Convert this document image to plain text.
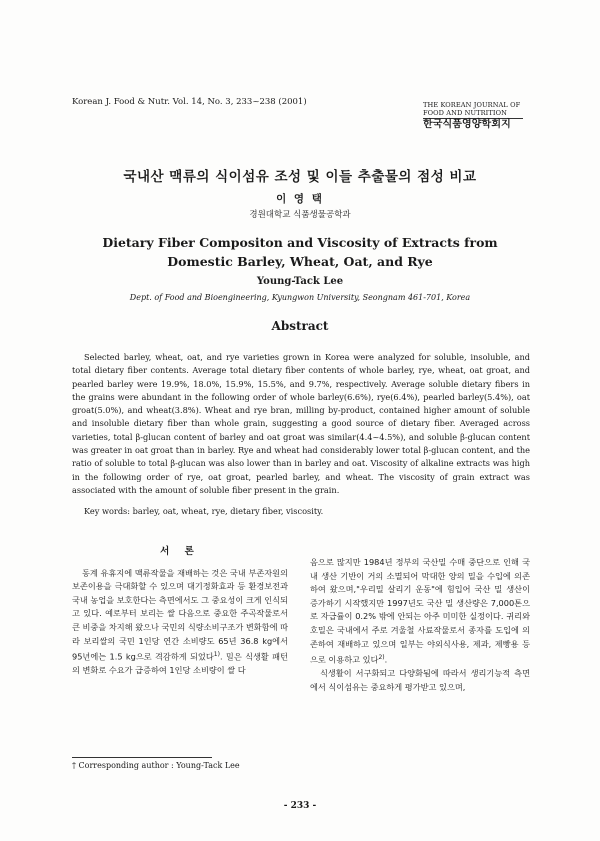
Korean J. Food & Nutr. Vol. 14, No. 3, 233~238 (2001)	THE KOREAN JOURNAL OF
FOOD AND NUTRITION
한국식품영양학회지
국내산 맥류의 식이섬유 조성 및 이들 추출물의 점성 비교
이 영 택
경원대학교 식품생물공학과
Dietary Fiber Compositon and Viscosity of Extracts from
Domestic Barley, Wheat, Oat, and Rye
Young-Tack Lee
Dept. of Food and Bioengineering, Kyungwon University, Seongnam 461-701, Korea
Abstract
Selected barley, wheat, oat, and rye varieties grown in Korea were analyzed for soluble, insoluble, and total dietary fiber contents. Average total dietary fiber contents of whole barley, rye, wheat, oat groat, and pearled barley were 19.9%, 18.0%, 15.9%, 15.5%, and 9.7%, respectively. Average soluble dietary fibers in the grains were abundant in the following order of whole barley(6.6%), rye(6.4%), pearled barley(5.4%), oat groat(5.0%), and wheat(3.8%). Wheat and rye bran, milling by-product, contained higher amount of soluble and insoluble dietary fiber than whole grain, suggesting a good source of dietary fiber. Averaged across varieties, total β-glucan content of barley and oat groat was similar(4.4~4.5%), and soluble β-glucan content was greater in oat groat than in barley. Rye and wheat had considerably lower total β-glucan content, and the ratio of soluble to total β-glucan was also lower than in barley and oat. Viscosity of alkaline extracts was high in the following order of rye, oat groat, pearled barley, and wheat. The viscosity of grain extract was associated with the amount of soluble fiber present in the grain.
Key words: barley, oat, wheat, rye, dietary fiber, viscosity.
서 론

동계 유휴지에 맥류작물을 재배하는 것은 국내 부존자원의 보존이용을 극대화할 수 있으며 대기정화효과 등 환경보전과 국내 농업을 보호한다는 측면에서도 그 중요성이 크게 인식되고 있다. 예로부터 보리는 쌀 다음으로 중요한 주곡작물로서 큰 비중을 차지해 왔으나 국민의 식량소비구조가 변화함에 따라 보리쌀의 국민 1인당 연간 소비량도 65년 36.8 kg에서 95년에는 1.5 kg으로 격감하게 되었다$^{1)}$. 밀은 식생활 패턴의 변화로 수요가 급증하여 1인당 소비량이 쌀 다

음으로 많지만 1984년 정부의 국산밀 수매 중단으로 인해 국내 생산 기반이 거의 소멸되어 막대한 양의 밀을 수입에 의존하여 왔으며,"우리밀 살리기 운동"에 힘입어 국산 밀 생산이 증가하기 시작했지만 1997년도 국산 밀 생산량은 7,000톤으로 자급률이 0.2% 밖에 안되는 아주 미미한 실정이다. 귀리와 호밀은 국내에서 주로 겨울철 사료작물로서 종자를 도입에 의존하여 재배하고 있으며 일부는 야외식사용, 제과, 제빵용 등으로 이용하고 있다$^{2)}$.

식생활이 서구화되고 다양화됨에 따라서 생리기능적 측면에서 식이섬유는 중요하게 평가받고 있으며,

† Corresponding author : Young-Tack Lee
- 233 -
